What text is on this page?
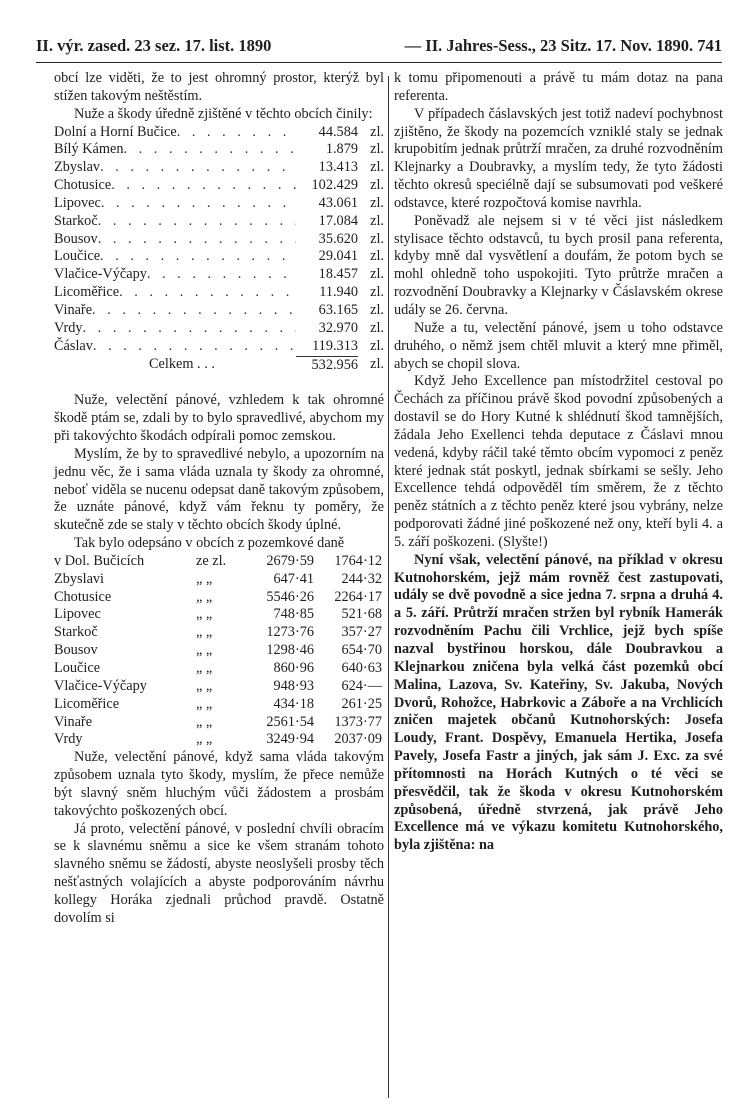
II. výr. zased. 23 sez. 17. list. 1890	— II. Jahres-Sess., 23 Sitz. 17. Nov. 1890. 741

obcí lze viděti, že to jest ohromný prostor, kterýž byl stížen takovým neštěstím.

Nuže a škody úředně zjištěné v těchto obcích činily:

Dolní a Horní Bučice . . .	44.584 zl.
Bílý Kámen . . .	1.879 zl.
Zbyslav . . .	13.413 zl.
Chotusice . . .	102.429 zl.
Lipovec . . .	43.061 zl.
Starkoč . . .	17.084 zl.
Bousov . . .	35.620 zl.
Loučice . . .	29.041 zl.
Vlačice-Výčapy . . .	18.457 zl.
Licoměřice . . .	11.940 zl.
Vinaře . . .	63.165 zl.
Vrdy . . .	32.970 zl.
Čáslav . . .	119.313 zl.
Celkem . . .	532.956 zl.

Nuže, velectění pánové, vzhledem k tak ohromné škodě ptám se, zdali by to bylo spravedlivé, abychom my při takovýchto škodách odpírali pomoc zemskou.

Myslím, že by to spravedlivé nebylo, a upozorním na jednu věc, že i sama vláda uznala ty škody za ohromné, neboť viděla se nucenu odepsat daně takovým způsobem, že uznáte pánové, když vám řeknu ty poměry, že skutečně zde se staly v těchto obcích škody úplné.

Tak bylo odepsáno v obcích z pozemkové daně

v Dol. Bučicích	ze zl.	2679·59	1764·12
Zbyslavi	„ „	647·41	244·32
Chotusice	„ „	5546·26	2264·17
Lipovec	„ „	748·85	521·68
Starkoč	„ „	1273·76	357·27
Bousov	„ „	1298·46	654·70
Loučice	„ „	860·96	640·63
Vlačice-Výčapy	„ „	948·93	624·—
Licoměřice	„ „	434·18	261·25
Vinaře	„ „	2561·54	1373·77
Vrdy	„ „	3249·94	2037·09

Nuže, velectění pánové, když sama vláda takovým způsobem uznala tyto škody, myslím, že přece nemůže být slavný sněm hluchým vůči žádostem a prosbám takovýchto poškozených obcí.

Já proto, velectění pánové, v poslední chvíli obracím se k slavnému sněmu a sice ke všem stranám tohoto slavného sněmu se žádostí, abyste neoslyšeli prosby těch nešťastných volajících a abyste podporováním návrhu kollegy Horáka zjednali průchod pravdě. Ostatně dovolím si

k tomu připomenouti a právě tu mám dotaz na pana referenta.

V případech čáslavských jest totiž nadeví pochybnost zjištěno, že škody na pozemcích vzniklé staly se jednak krupobitím jednak průtrží mračen, za druhé rozvodněním Klejnarky a Doubravky, a myslím tedy, že tyto žádosti těchto okresů speciélně dají se subsumovati pod veškeré odstavce, které rozpočtová komise navrhla.

Poněvadž ale nejsem si v té věci jist následkem stylisace těchto odstavců, tu bych prosil pana referenta, kdyby mně dal vysvětlení a doufám, že potom bych se mohl ohledně toho uspokojiti. Tyto průtrže mračen a rozvodnění Doubravky a Klejnarky v Čáslavském okrese udály se 26. června.

Nuže a tu, velectění pánové, jsem u toho odstavce druhého, o němž jsem chtěl mluvit a který mne přiměl, abych se chopil slova.

Když Jeho Excellence pan místodržitel cestoval po Čechách za příčinou právě škod povodní způsobených a dostavil se do Hory Kutné k shlédnutí škod tamnějších, žádala Jeho Exellenci tehda deputace z Čáslavi mnou vedená, kdyby ráčil také těmto obcím vypomoci z peněz které jednak stát poskytl, jednak sbírkami se sešly. Jeho Excellence tehdá odpověděl tím směrem, že z těchto peněz státních a z těchto peněz které jsou vybrány, nelze podporovati žádné jiné poškozené než ony, kteří byli 4. a 5. září poškozeni. (Slyšte!)

Nyní však, velectění pánové, na příklad v okresu Kutnohorském, jejž mám rovněž čest zastupovati, udály se dvě povodně a sice jedna 7. srpna a druhá 4. a 5. září. Průtrží mračen stržen byl rybník Hamerák rozvodněním Pachu čili Vrchlice, jejž bych spíše nazval bystřinou horskou, dále Doubravkou a Klejnarkou zničena byla velká část pozemků obcí Malina, Lazova, Sv. Kateřiny, Sv. Jakuba, Nových Dvorů, Rohožce, Habrkovic a Záboře a na Vrchlicích zničen majetek občanů Kutnohorských: Josefa Loudy, Frant. Dospěvy, Emanuela Hertika, Josefa Pavely, Josefa Fastr a jiných, jak sám J. Exc. za své přítomnosti na Horách Kutných o té věci se přesvědčil, tak že škoda v okresu Kutnohorském způsobená, úředně stvrzená, jak právě Jeho Excellence má ve výkazu komitetu Kutnohorského, byla zjištěna: na
